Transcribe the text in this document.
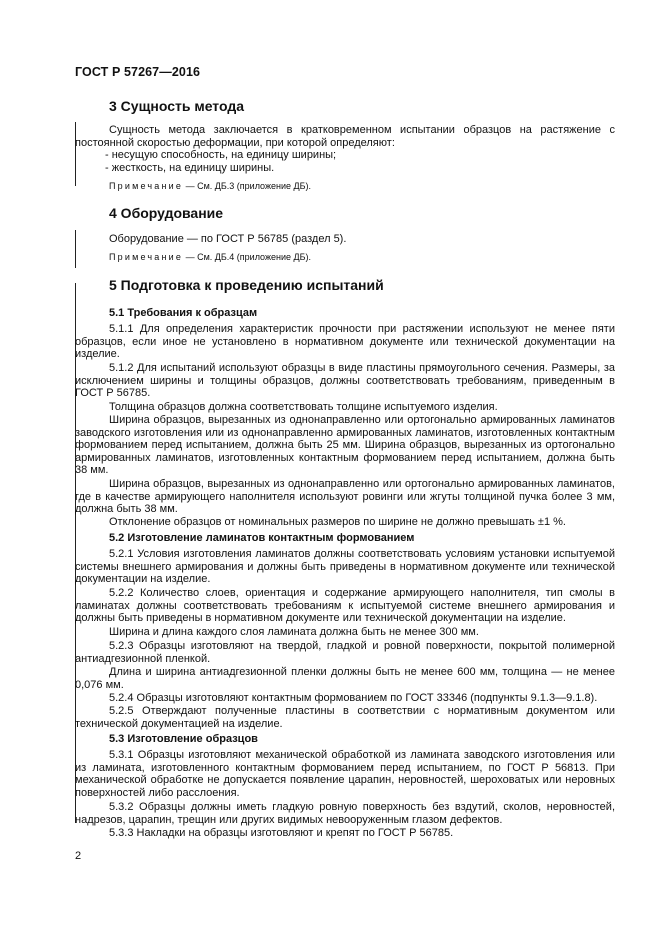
ГОСТ Р 57267—2016
3 Сущность метода
Сущность метода заключается в кратковременном испытании образцов на растяжение с постоянной скоростью деформации, при которой определяют:
- несущую способность, на единицу ширины;
- жесткость, на единицу ширины.
Примечание — См. ДБ.3 (приложение ДБ).
4 Оборудование
Оборудование — по ГОСТ Р 56785 (раздел 5).
Примечание — См. ДБ.4 (приложение ДБ).
5 Подготовка к проведению испытаний
5.1 Требования к образцам
5.1.1 Для определения характеристик прочности при растяжении используют не менее пяти образцов, если иное не установлено в нормативном документе или технической документации на изделие.
5.1.2 Для испытаний используют образцы в виде пластины прямоугольного сечения. Размеры, за исключением ширины и толщины образцов, должны соответствовать требованиям, приведенным в ГОСТ Р 56785.
Толщина образцов должна соответствовать толщине испытуемого изделия.
Ширина образцов, вырезанных из однонаправленно или ортогонально армированных ламинатов заводского изготовления или из однонаправленно армированных ламинатов, изготовленных контактным формованием перед испытанием, должна быть 25 мм. Ширина образцов, вырезанных из ортогонально армированных ламинатов, изготовленных контактным формованием перед испытанием, должна быть 38 мм.
Ширина образцов, вырезанных из однонаправленно или ортогонально армированных ламинатов, где в качестве армирующего наполнителя используют ровинги или жгуты толщиной пучка более 3 мм, должна быть 38 мм.
Отклонение образцов от номинальных размеров по ширине не должно превышать ±1 %.
5.2 Изготовление ламинатов контактным формованием
5.2.1 Условия изготовления ламинатов должны соответствовать условиям установки испытуемой системы внешнего армирования и должны быть приведены в нормативном документе или технической документации на изделие.
5.2.2 Количество слоев, ориентация и содержание армирующего наполнителя, тип смолы в ламинатах должны соответствовать требованиям к испытуемой системе внешнего армирования и должны быть приведены в нормативном документе или технической документации на изделие.
Ширина и длина каждого слоя ламината должна быть не менее 300 мм.
5.2.3 Образцы изготовляют на твердой, гладкой и ровной поверхности, покрытой полимерной антиадгезионной пленкой.
Длина и ширина антиадгезионной пленки должны быть не менее 600 мм, толщина — не менее 0,076 мм.
5.2.4 Образцы изготовляют контактным формованием по ГОСТ 33346 (подпункты 9.1.3—9.1.8).
5.2.5 Отверждают полученные пластины в соответствии с нормативным документом или технической документацией на изделие.
5.3 Изготовление образцов
5.3.1 Образцы изготовляют механической обработкой из ламината заводского изготовления или из ламината, изготовленного контактным формованием перед испытанием, по ГОСТ Р 56813. При механической обработке не допускается появление царапин, неровностей, шероховатых или неровных поверхностей либо расслоения.
5.3.2 Образцы должны иметь гладкую ровную поверхность без вздутий, сколов, неровностей, надрезов, царапин, трещин или других видимых невооруженным глазом дефектов.
5.3.3 Накладки на образцы изготовляют и крепят по ГОСТ Р 56785.
2
